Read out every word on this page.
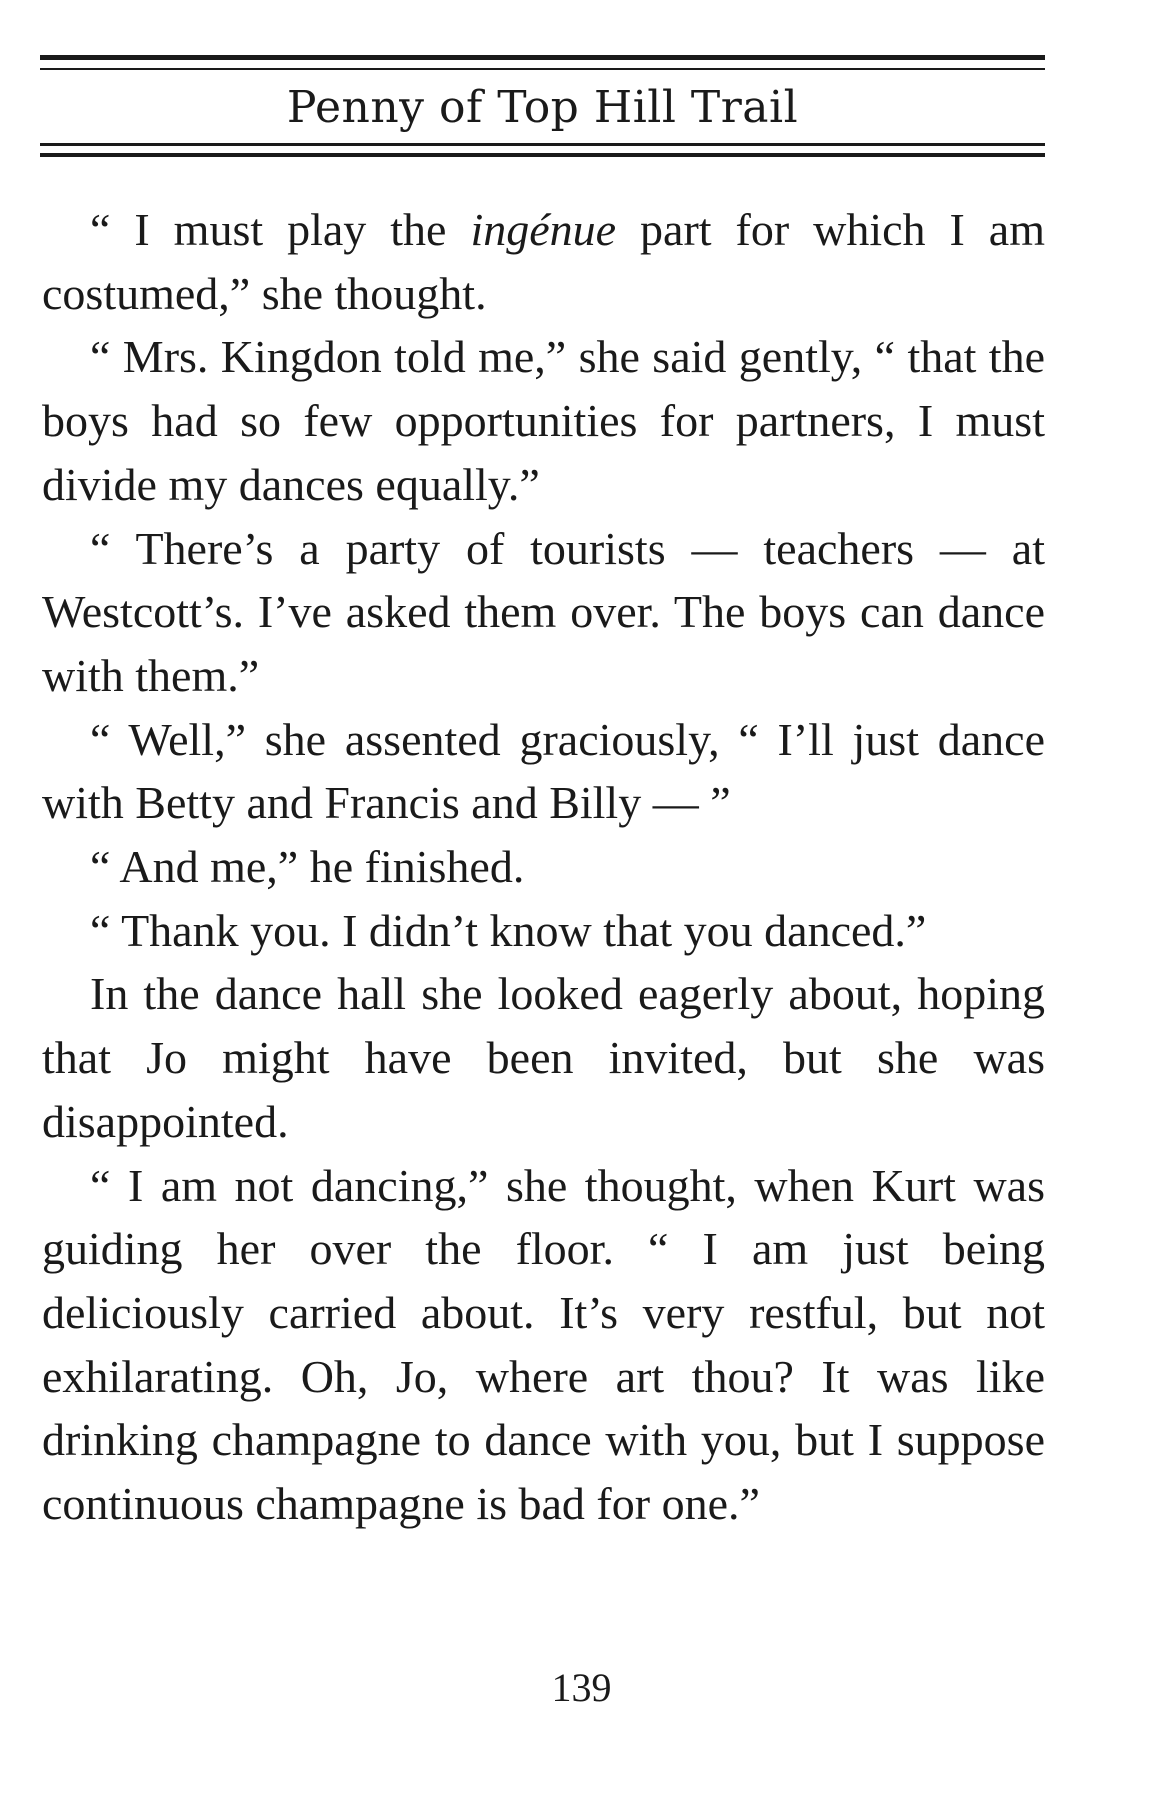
Penny of Top Hill Trail

“ I must play the ingénue part for which I am costumed,” she thought.

“ Mrs. Kingdon told me,” she said gently, “ that the boys had so few opportunities for partners, I must divide my dances equally.”

“ There’s a party of tourists — teachers — at Westcott’s. I’ve asked them over. The boys can dance with them.”

“ Well,” she assented graciously, “ I’ll just dance with Betty and Francis and Billy — ”

“ And me,” he finished.

“ Thank you. I didn’t know that you danced.”

In the dance hall she looked eagerly about, hoping that Jo might have been invited, but she was disappointed.

“ I am not dancing,” she thought, when Kurt was guiding her over the floor. “ I am just being deliciously carried about. It’s very restful, but not exhilarating. Oh, Jo, where art thou? It was like drinking champagne to dance with you, but I suppose continuous champagne is bad for one.”

139
